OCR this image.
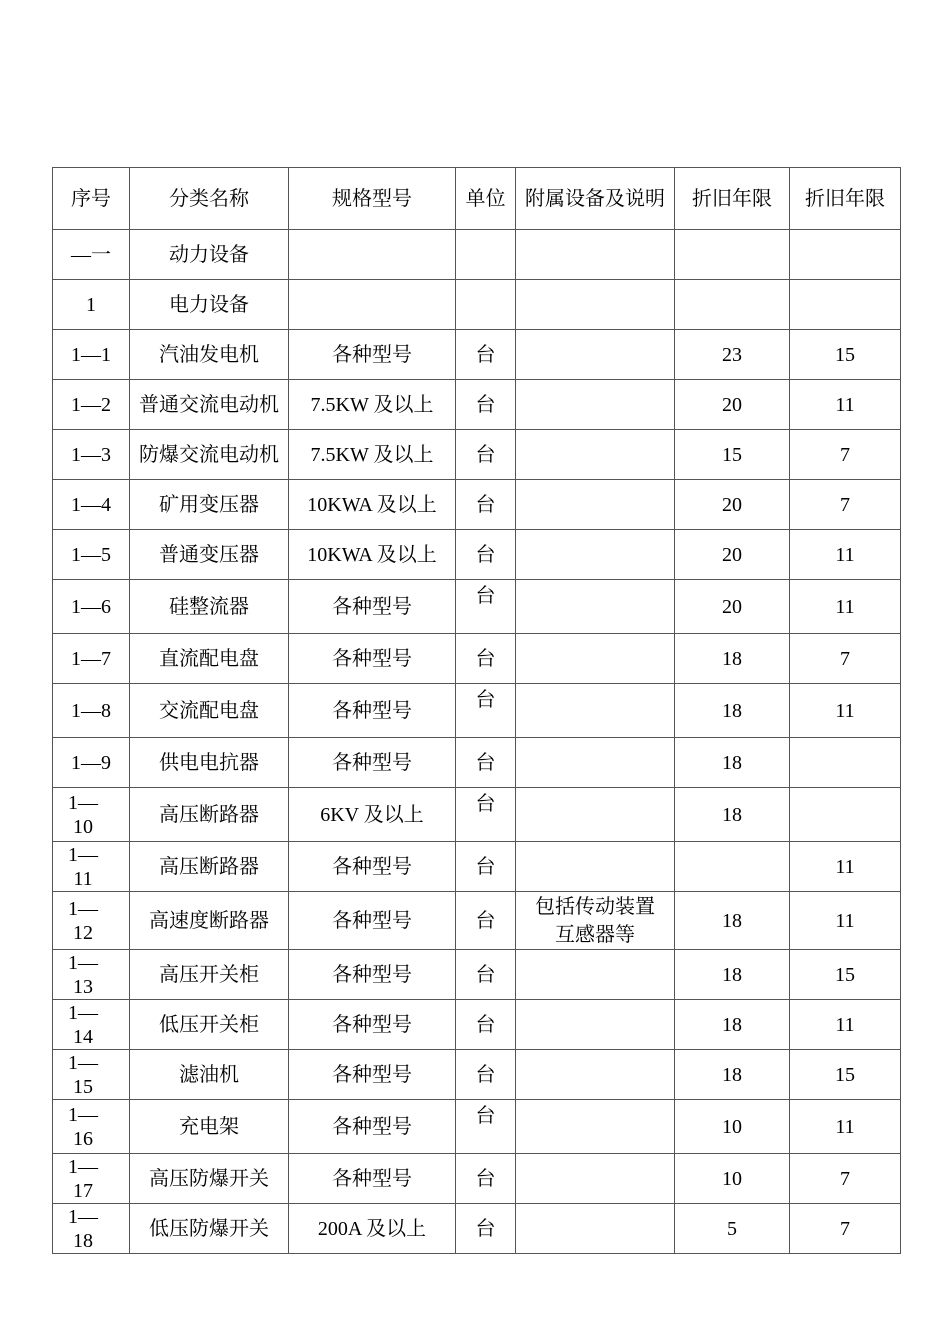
序号	分类名称	规格型号	单位	附属设备及说明	折旧年限	折旧年限
—一	动力设备					
1	电力设备					
1—1	汽油发电机	各种型号	台		23	15
1—2	普通交流电动机	7.5KW 及以上	台		20	11
1—3	防爆交流电动机	7.5KW 及以上	台		15	7
1—4	矿用变压器	10KWA 及以上	台		20	7
1—5	普通变压器	10KWA 及以上	台		20	11
1—6	硅整流器	各种型号	台		20	11
1—7	直流配电盘	各种型号	台		18	7
1—8	交流配电盘	各种型号	台		18	11
1—9	供电电抗器	各种型号	台		18	
1—10	高压断路器	6KV 及以上	台		18	
1—11	高压断路器	各种型号	台			11
1—12	高速度断路器	各种型号	台	包括传动装置互感器等	18	11
1—13	高压开关柜	各种型号	台		18	15
1—14	低压开关柜	各种型号	台		18	11
1—15	滤油机	各种型号	台		18	15
1—16	充电架	各种型号	台		10	11
1—17	高压防爆开关	各种型号	台		10	7
1—18	低压防爆开关	200A 及以上	台		5	7
